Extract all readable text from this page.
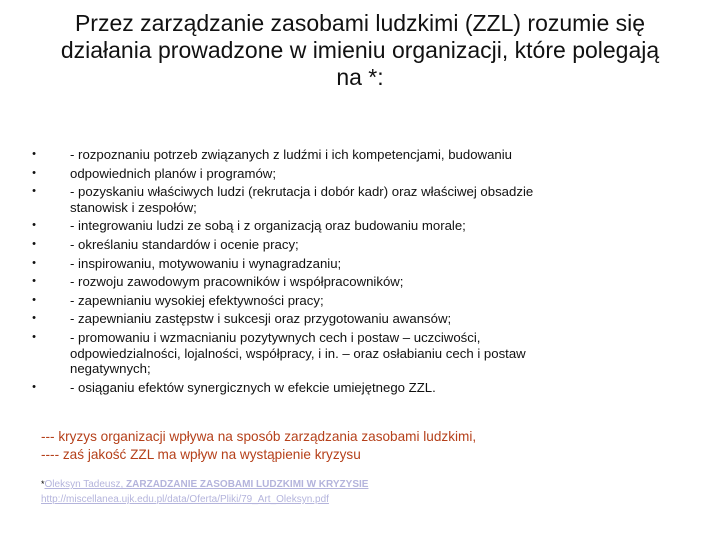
Przez zarządzanie zasobami ludzkimi (ZZL) rozumie się
działania prowadzone w imieniu organizacji, które polegają
na *:
•	- rozpoznaniu potrzeb związanych z ludźmi i ich kompetencjami, budowaniu
•	odpowiednich planów i programów;
•	- pozyskaniu właściwych ludzi (rekrutacja i dobór kadr) oraz właściwej obsadzie stanowisk i zespołów;
•	- integrowaniu ludzi ze sobą i z organizacją oraz budowaniu morale;
•	- określaniu standardów i ocenie pracy;
•	- inspirowaniu, motywowaniu i wynagradzaniu;
•	- rozwoju zawodowym pracowników i współpracowników;
•	- zapewnianiu wysokiej efektywności pracy;
•	- zapewnianiu zastępstw i sukcesji oraz przygotowaniu awansów;
•	- promowaniu i wzmacnianiu pozytywnych cech i postaw – uczciwości, odpowiedzialności, lojalności, współpracy, i in. – oraz osłabianiu cech i postaw negatywnych;
•	- osiąganiu efektów synergicznych w efekcie umiejętnego ZZL.
--- kryzys organizacji wpływa na sposób zarządzania zasobami ludzkimi,
---- zaś jakość ZZL ma wpływ na wystąpienie kryzysu
*Oleksyn Tadeusz, ZARZADZANIE ZASOBAMI LUDZKIMI W KRYZYSIE
http://miscellanea.ujk.edu.pl/data/Oferta/Pliki/79_Art_Oleksyn.pdf
